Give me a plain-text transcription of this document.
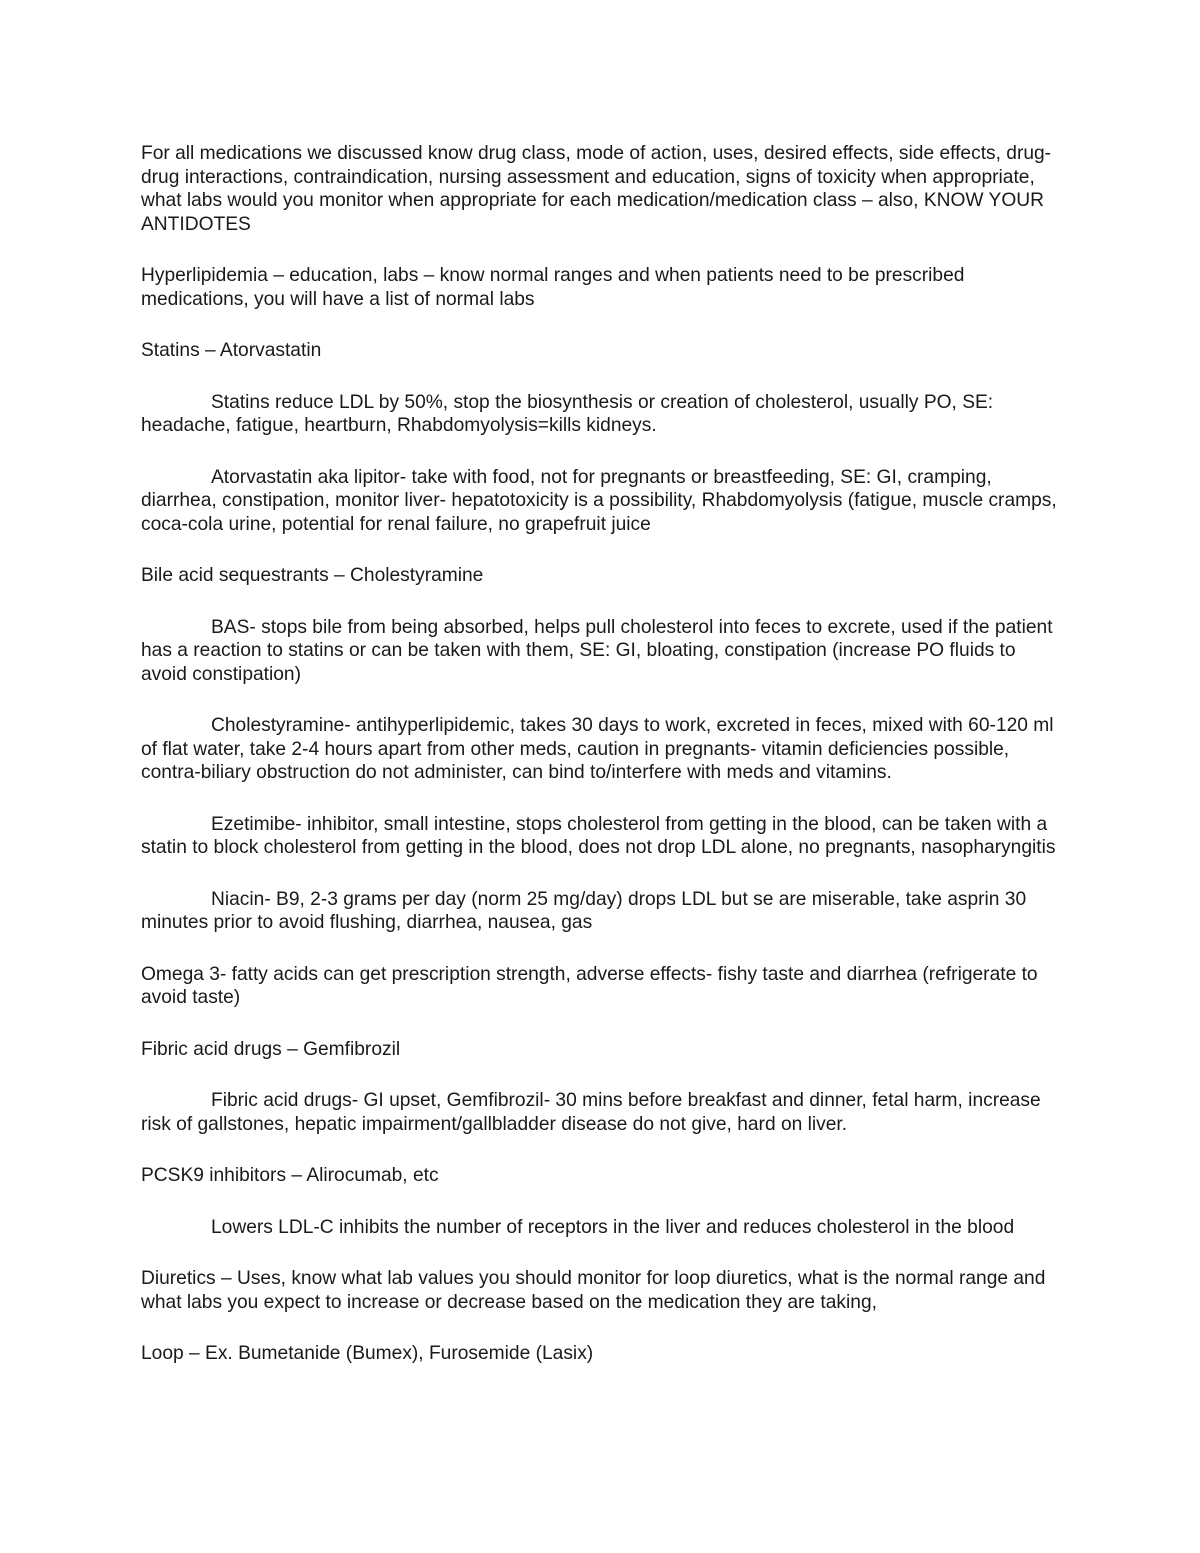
For all medications we discussed know drug class, mode of action, uses, desired effects, side effects, drug-drug interactions, contraindication, nursing assessment and education, signs of toxicity when appropriate, what labs would you monitor when appropriate for each medication/medication class – also, KNOW YOUR ANTIDOTES

Hyperlipidemia – education, labs – know normal ranges and when patients need to be prescribed medications, you will have a list of normal labs

Statins – Atorvastatin

Statins reduce LDL by 50%, stop the biosynthesis or creation of cholesterol, usually PO, SE: headache, fatigue, heartburn, Rhabdomyolysis=kills kidneys.

Atorvastatin aka lipitor- take with food, not for pregnants or breastfeeding, SE: GI, cramping, diarrhea, constipation, monitor liver- hepatotoxicity is a possibility, Rhabdomyolysis (fatigue, muscle cramps, coca-cola urine, potential for renal failure, no grapefruit juice

Bile acid sequestrants – Cholestyramine

BAS- stops bile from being absorbed, helps pull cholesterol into feces to excrete, used if the patient has a reaction to statins or can be taken with them, SE: GI, bloating, constipation (increase PO fluids to avoid constipation)

Cholestyramine- antihyperlipidemic, takes 30 days to work, excreted in feces, mixed with 60-120 ml of flat water, take 2-4 hours apart from other meds, caution in pregnants- vitamin deficiencies possible, contra-biliary obstruction do not administer, can bind to/interfere with meds and vitamins.

Ezetimibe- inhibitor, small intestine, stops cholesterol from getting in the blood, can be taken with a statin to block cholesterol from getting in the blood, does not drop LDL alone, no pregnants, nasopharyngitis

Niacin- B9, 2-3 grams per day (norm 25 mg/day) drops LDL but se are miserable, take asprin 30 minutes prior to avoid flushing, diarrhea, nausea, gas

Omega 3- fatty acids can get prescription strength, adverse effects- fishy taste and diarrhea (refrigerate to avoid taste)

Fibric acid drugs – Gemfibrozil

Fibric acid drugs- GI upset, Gemfibrozil- 30 mins before breakfast and dinner, fetal harm, increase risk of gallstones, hepatic impairment/gallbladder disease do not give, hard on liver.

PCSK9 inhibitors – Alirocumab, etc

Lowers LDL-C inhibits the number of receptors in the liver and reduces cholesterol in the blood

Diuretics – Uses, know what lab values you should monitor for loop diuretics, what is the normal range and what labs you expect to increase or decrease based on the medication they are taking,

Loop – Ex. Bumetanide (Bumex), Furosemide (Lasix)
